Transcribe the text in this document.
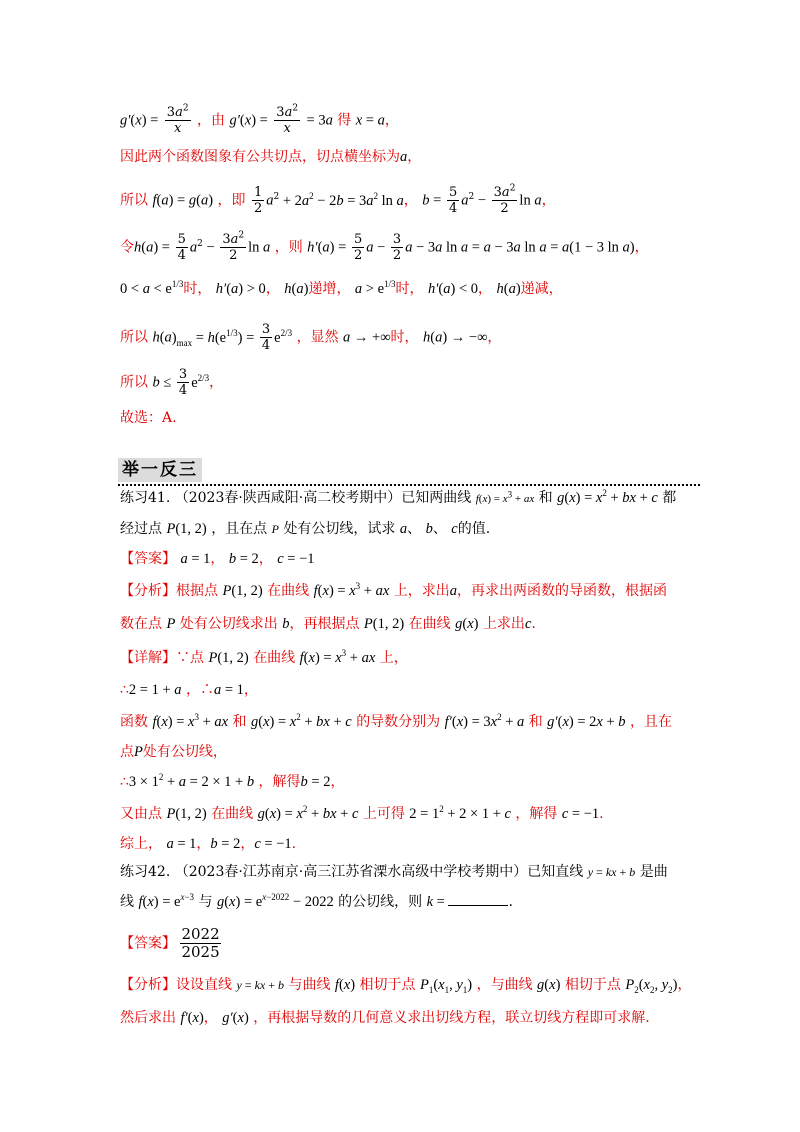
$g'(x) = \frac{3a^2}{x}$ ，由 $g'(x) = \frac{3a^2}{x} = 3a$ 得 x = a，
因此两个函数图象有公共切点，切点横坐标为a，
所以 f(a) = g(a) ，即 $\frac{1}{2} a^2 + 2a^2 - 2b = 3a^2$ ln a， $b = \frac{5}{4} a^2 - \frac{3a^2}{2}$ ln a，
令$h(a) = \frac{5}{4} a^2 - \frac{3a^2}{2}$ ln a ，则 $h'(a) = \frac{5}{2}$ $a - \frac{3}{2}$ a − 3a ln a = a − 3a ln a = a(1 − 3 ln a)，
$0 < a < e^{1/3}$时， h′(a) > 0， h(a)递增， $a > e^{1/3}$时， h′(a) < 0， h(a)递减，
所以 $h(a)_{max} = h(e^{1/3}) = \frac{3}{4} e^{2/3}$ ，显然 a → +∞时， h(a) → −∞，
所以 $b \le \frac{3}{4} e^{2/3}$，
故选：A.
举一反三
练习41. （2023春·陕西咸阳·高二校考期中）已知两曲线 $f(x) = x^3$ + ax 和 $g(x) = x^2$ + bx + c 都
经过点 P(1, 2) ，且在点 P 处有公切线，试求 a、 b、 c的值.
【答案】 a = 1， b = 2， c = −1
【分析】根据点 P(1, 2) 在曲线 $f(x) = x^3$ + ax 上，求出a，再求出两函数的导函数，根据函
数在点 P 处有公切线求出 b，再根据点 P(1, 2) 在曲线 g(x) 上求出c.
【详解】∵点 P(1, 2) 在曲线 $f(x) = x^3$ + ax 上，
∴2 = 1 + a ，∴a = 1，
函数 $f(x) = x^3$ + ax 和 $g(x) = x^2$ + bx + c 的导数分别为 $f'(x) = 3x^2 + a$ 和 g′(x) = 2x + b ，且在
点P处有公切线，
∴3 × $1^2 + a = 2 \times 1 + b$ ，解得b = 2，
又由点 P(1, 2) 在曲线 $g(x) = x^2$ + bx + c 上可得 $2 = 1^2 + 2 \times 1 + c$ ，解得 c = −1.
综上， a = 1，b = 2，c = −1.
练习42. （2023春·江苏南京·高三江苏省溧水高级中学校考期中）已知直线 y = kx + b 是曲
线 $f(x) = e^{x-3}$ 与 $g(x) = e^{x-2022} - 2022$ 的公切线，则 k =	.
【答案】 $\frac{2022}{2025}$
【分析】设设直线 y = kx + b 与曲线 f(x) 相切于点 $P_1(x_1$, $y_1$) ，与曲线 g(x) 相切于点 $P_2(x_2$, $y_2$)，
然后求出 f′(x)， g′(x) ，再根据导数的几何意义求出切线方程，联立切线方程即可求解.
